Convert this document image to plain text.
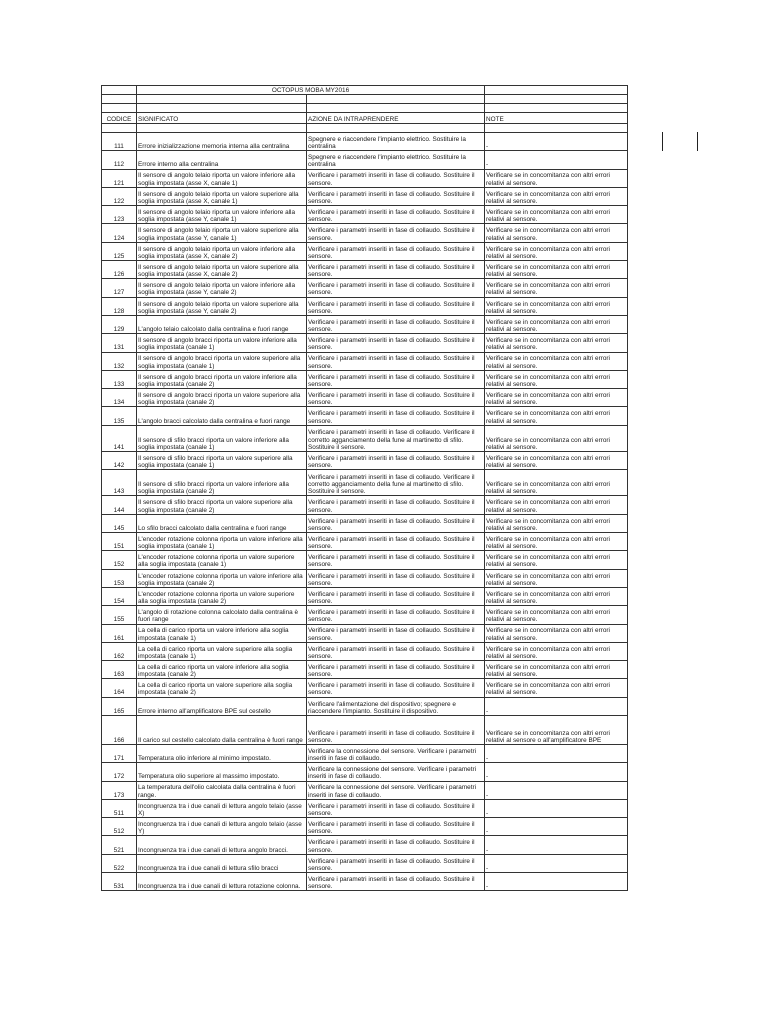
	OCTOPUS MOBA MY2016		

CODICE	SIGNIFICATO	AZIONE DA INTRAPRENDERE	NOTE

111	Errore inizializzazione memoria interna alla centralina	Spegnere e riaccendere l'impianto elettrico. Sostituire la centralina	-
112	Errore interno alla centralina	Spegnere e riaccendere l'impianto elettrico. Sostituire la centralina	-
121	Il sensore di angolo telaio riporta un valore inferiore alla soglia impostata (asse X, canale 1)	Verificare i parametri inseriti in fase di collaudo. Sostituire il sensore.	Verificare se in concomitanza con altri errori relativi al sensore.
122	Il sensore di angolo telaio riporta un valore superiore alla soglia impostata (asse X, canale 1)	Verificare i parametri inseriti in fase di collaudo. Sostituire il sensore.	Verificare se in concomitanza con altri errori relativi al sensore.
123	Il sensore di angolo telaio riporta un valore inferiore alla soglia impostata (asse Y, canale 1)	Verificare i parametri inseriti in fase di collaudo. Sostituire il sensore.	Verificare se in concomitanza con altri errori relativi al sensore.
124	Il sensore di angolo telaio riporta un valore superiore alla soglia impostata (asse Y, canale 1)	Verificare i parametri inseriti in fase di collaudo. Sostituire il sensore.	Verificare se in concomitanza con altri errori relativi al sensore.
125	Il sensore di angolo telaio riporta un valore inferiore alla soglia impostata (asse X, canale 2)	Verificare i parametri inseriti in fase di collaudo. Sostituire il sensore.	Verificare se in concomitanza con altri errori relativi al sensore.
126	Il sensore di angolo telaio riporta un valore superiore alla soglia impostata (asse X, canale 2)	Verificare i parametri inseriti in fase di collaudo. Sostituire il sensore.	Verificare se in concomitanza con altri errori relativi al sensore.
127	Il sensore di angolo telaio riporta un valore inferiore alla soglia impostata (asse Y, canale 2)	Verificare i parametri inseriti in fase di collaudo. Sostituire il sensore.	Verificare se in concomitanza con altri errori relativi al sensore.
128	Il sensore di angolo telaio riporta un valore superiore alla soglia impostata (asse Y, canale 2)	Verificare i parametri inseriti in fase di collaudo. Sostituire il sensore.	Verificare se in concomitanza con altri errori relativi al sensore.
129	L'angolo telaio calcolato dalla centralina e fuori range	Verificare i parametri inseriti in fase di collaudo. Sostituire il sensore.	Verificare se in concomitanza con altri errori relativi al sensore.
131	Il sensore di angolo bracci riporta un valore inferiore alla soglia impostata (canale 1)	Verificare i parametri inseriti in fase di collaudo. Sostituire il sensore.	Verificare se in concomitanza con altri errori relativi al sensore.
132	Il sensore di angolo bracci riporta un valore superiore alla soglia impostata (canale 1)	Verificare i parametri inseriti in fase di collaudo. Sostituire il sensore.	Verificare se in concomitanza con altri errori relativi al sensore.
133	Il sensore di angolo bracci riporta un valore inferiore alla soglia impostata (canale 2)	Verificare i parametri inseriti in fase di collaudo. Sostituire il sensore.	Verificare se in concomitanza con altri errori relativi al sensore.
134	Il sensore di angolo bracci riporta un valore superiore alla soglia impostata (canale 2)	Verificare i parametri inseriti in fase di collaudo. Sostituire il sensore.	Verificare se in concomitanza con altri errori relativi al sensore.
135	L'angolo bracci calcolato dalla centralina e fuori range	Verificare i parametri inseriti in fase di collaudo. Sostituire il sensore.	Verificare se in concomitanza con altri errori relativi al sensore.
141	Il sensore di sfilo bracci riporta un valore inferiore alla soglia impostata (canale 1)	Verificare i parametri inseriti in fase di collaudo. Verificare il corretto agganciamento della fune al martinetto di sfilo. Sostituire il sensore.	Verificare se in concomitanza con altri errori relativi al sensore.
142	Il sensore di sfilo bracci riporta un valore superiore alla soglia impostata (canale 1)	Verificare i parametri inseriti in fase di collaudo. Sostituire il sensore.	Verificare se in concomitanza con altri errori relativi al sensore.
143	Il sensore di sfilo bracci riporta un valore inferiore alla soglia impostata (canale 2)	Verificare i parametri inseriti in fase di collaudo. Verificare il corretto agganciamento della fune al martinetto di sfilo. Sostituire il sensore.	Verificare se in concomitanza con altri errori relativi al sensore.
144	Il sensore di sfilo bracci riporta un valore superiore alla soglia impostata (canale 2)	Verificare i parametri inseriti in fase di collaudo. Sostituire il sensore.	Verificare se in concomitanza con altri errori relativi al sensore.
145	Lo sfilo bracci calcolato dalla centralina e fuori range	Verificare i parametri inseriti in fase di collaudo. Sostituire il sensore.	Verificare se in concomitanza con altri errori relativi al sensore.
151	L'encoder rotazione colonna riporta un valore inferiore alla soglia impostata (canale 1)	Verificare i parametri inseriti in fase di collaudo. Sostituire il sensore.	Verificare se in concomitanza con altri errori relativi al sensore.
152	L'encoder rotazione colonna riporta un valore superiore alla soglia impostata (canale 1)	Verificare i parametri inseriti in fase di collaudo. Sostituire il sensore.	Verificare se in concomitanza con altri errori relativi al sensore.
153	L'encoder rotazione colonna riporta un valore inferiore alla soglia impostata (canale 2)	Verificare i parametri inseriti in fase di collaudo. Sostituire il sensore.	Verificare se in concomitanza con altri errori relativi al sensore.
154	L'encoder rotazione colonna riporta un valore superiore alla soglia impostata (canale 2)	Verificare i parametri inseriti in fase di collaudo. Sostituire il sensore.	Verificare se in concomitanza con altri errori relativi al sensore.
155	L'angolo di rotazione colonna calcolato dalla centralina è fuori range	Verificare i parametri inseriti in fase di collaudo. Sostituire il sensore.	Verificare se in concomitanza con altri errori relativi al sensore.
161	La cella di carico riporta un valore inferiore alla soglia impostata (canale 1)	Verificare i parametri inseriti in fase di collaudo. Sostituire il sensore.	Verificare se in concomitanza con altri errori relativi al sensore.
162	La cella di carico riporta un valore superiore alla soglia impostata (canale 1)	Verificare i parametri inseriti in fase di collaudo. Sostituire il sensore.	Verificare se in concomitanza con altri errori relativi al sensore.
163	La cella di carico riporta un valore inferiore alla soglia impostata (canale 2)	Verificare i parametri inseriti in fase di collaudo. Sostituire il sensore.	Verificare se in concomitanza con altri errori relativi al sensore.
164	La cella di carico riporta un valore superiore alla soglia impostata (canale 2)	Verificare i parametri inseriti in fase di collaudo. Sostituire il sensore.	Verificare se in concomitanza con altri errori relativi al sensore.
165	Errore interno all'amplificatore BPE sul cestello	Verificare l'alimentazione del dispositivo; spegnere e riaccendere l'impianto. Sostituire il dispositivo.	-
166	Il carico sul cestello calcolato dalla centralina è fuori range	Verificare i parametri inseriti in fase di collaudo. Sostituire il sensore.	Verificare se in concomitanza con altri errori relativi al sensore o all'amplificatore BPE
171	Temperatura olio inferiore al minimo impostato.	Verificare la connessione del sensore. Verificare i parametri inseriti in fase di collaudo.	-
172	Temperatura olio superiore al massimo impostato.	Verificare la connessione del sensore. Verificare i parametri inseriti in fase di collaudo.	-
173	La temperatura dell'olio calcolata dalla centralina è fuori range.	Verificare la connessione del sensore. Verificare i parametri inseriti in fase di collaudo.	-
511	Incongruenza tra i due canali di lettura angolo telaio (asse X)	Verificare i parametri inseriti in fase di collaudo. Sostituire il sensore.	-
512	Incongruenza tra i due canali di lettura angolo telaio (asse Y)	Verificare i parametri inseriti in fase di collaudo. Sostituire il sensore.	-
521	Incongruenza tra i due canali di lettura angolo bracci.	Verificare i parametri inseriti in fase di collaudo. Sostituire il sensore.	-
522	Incongruenza tra i due canali di lettura sfilo bracci	Verificare i parametri inseriti in fase di collaudo. Sostituire il sensore.	-
531	Incongruenza tra i due canali di lettura rotazione colonna.	Verificare i parametri inseriti in fase di collaudo. Sostituire il sensore.	-
